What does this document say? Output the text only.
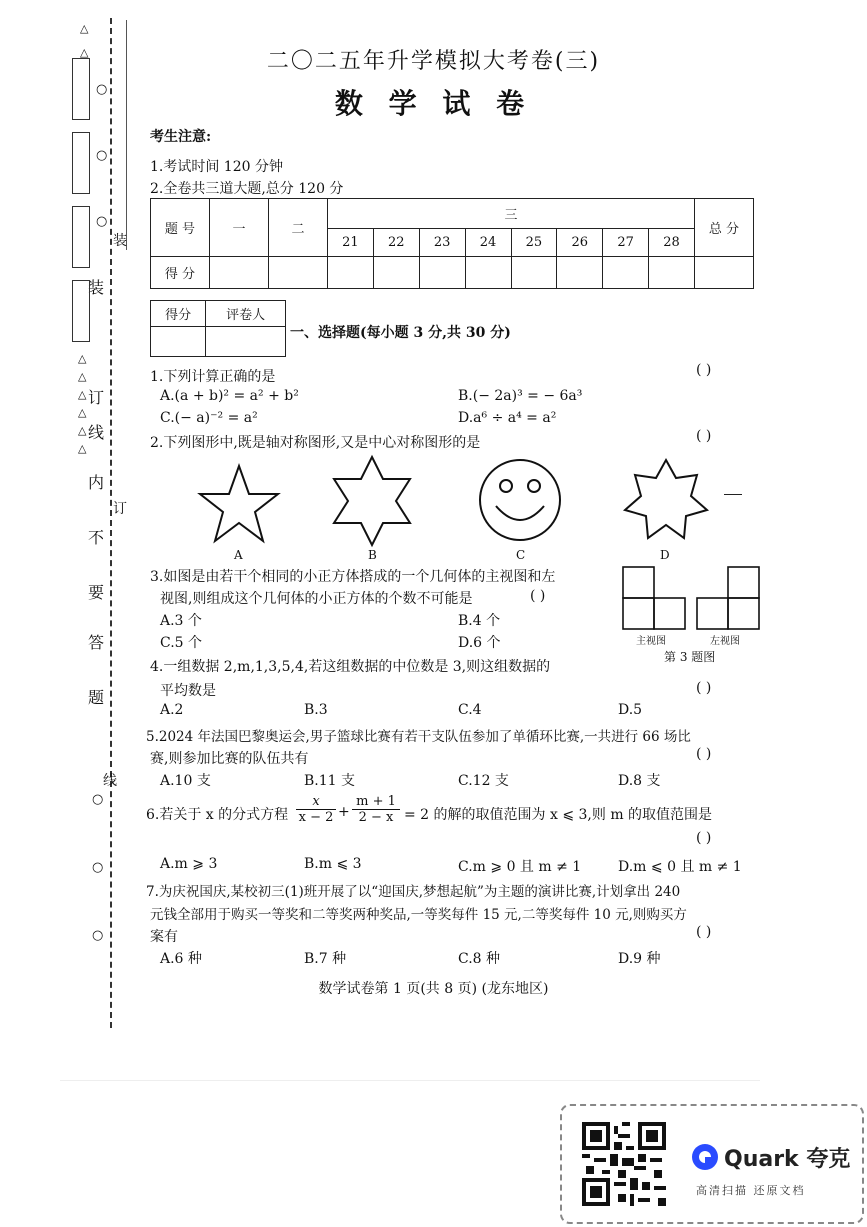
装
订
线
内
不
要
答
题
装
订
线
△
△
○
○
○
△
△
△
△
△
△
○
○
○
二〇二五年升学模拟大考卷(三)
数 学 试 卷
考生注意:
1.考试时间 120 分钟
2.全卷共三道大题,总分 120 分
题 号	一	二	三								总 分
			21	22	23	24	25	26	27	28	
得 分											
得分	评卷人

一、选择题(每小题 3 分,共 30 分)
1.下列计算正确的是	( )
A.(a + b)² = a² + b²	B.(− 2a)³ = − 6a³
C.(− a)⁻² = a²	D.a⁶ ÷ a⁴ = a²
2.下列图形中,既是轴对称图形,又是中心对称图形的是	( )
A	B	C	D
3.如图是由若干个相同的小正方体搭成的一个几何体的主视图和左
视图,则组成这个几何体的小正方体的个数不可能是	( )
A.3 个	B.4 个
C.5 个	D.6 个	主视图	左视图
第 3 题图
4.一组数据 2,m,1,3,5,4,若这组数据的中位数是 3,则这组数据的
平均数是	( )
A.2	B.3	C.4	D.5
5.2024 年法国巴黎奥运会,男子篮球比赛有若干支队伍参加了单循环比赛,一共进行 66 场比
赛,则参加比赛的队伍共有	( )
A.10 支	B.11 支	C.12 支	D.8 支
6.若关于 x 的分式方程 $\frac{x}{x - 2} + \frac{m + 1}{2 - x} = 2$ 的解的取值范围为 x ⩽ 3,则 m 的取值范围是
( )
A.m ⩾ 3	B.m ⩽ 3	C.m ⩾ 0 且 m ≠ 1	D.m ⩽ 0 且 m ≠ 1
7.为庆祝国庆,某校初三(1)班开展了以“迎国庆,梦想起航”为主题的演讲比赛,计划拿出 240
元钱全部用于购买一等奖和二等奖两种奖品,一等奖每件 15 元,二等奖每件 10 元,则购买方
案有	( )
A.6 种	B.7 种	C.8 种	D.9 种
数学试卷第 1 页(共 8 页) (龙东地区)
Quark 夸克
高清扫描 还原文档
